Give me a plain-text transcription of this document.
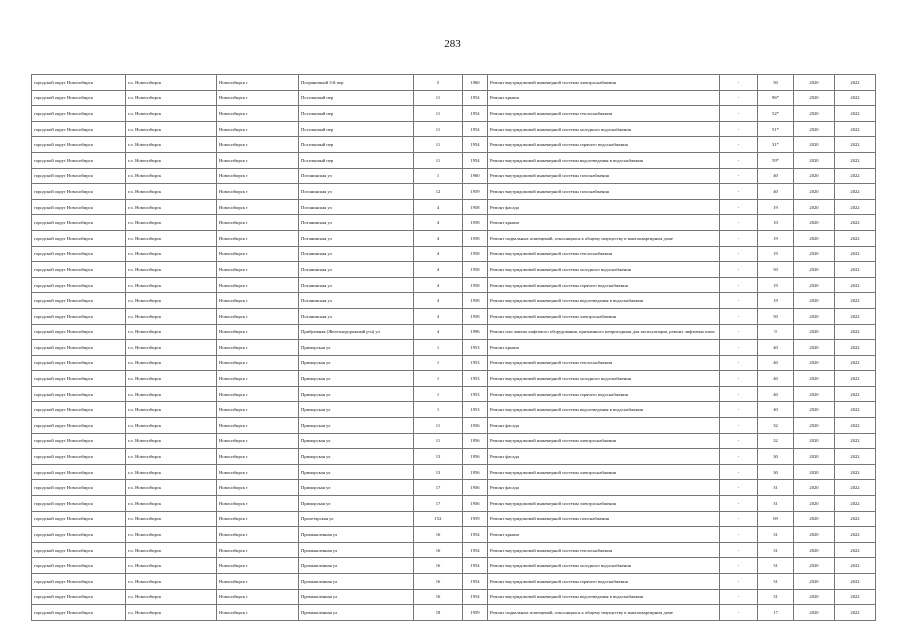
283
городской округ Новосибирск	г.о. Новосибирск	Новосибирск г	Пограничный 3-й пер	5	1960	Ремонт внутридомовой инженерной системы электроснабжения	-	50	2020	2022
городской округ Новосибирск	г.о. Новосибирск	Новосибирск г	Поселковый пер	11	1954	Ремонт крыши	-	96*	2020	2022
городской округ Новосибирск	г.о. Новосибирск	Новосибирск г	Поселковый пер	11	1954	Ремонт внутридомовой инженерной системы теплоснабжения	-	52*	2020	2022
городской округ Новосибирск	г.о. Новосибирск	Новосибирск г	Поселковый пер	11	1954	Ремонт внутридомовой инженерной системы холодного водоснабжения	-	51*	2020	2022
городской округ Новосибирск	г.о. Новосибирск	Новосибирск г	Поселковый пер	11	1954	Ремонт внутридомовой инженерной системы горячего водоснабжения	-	31*	2020	2022
городской округ Новосибирск	г.о. Новосибирск	Новосибирск г	Поселковый пер	11	1954	Ремонт внутридомовой инженерной системы водоотведения в водоснабжения	-	59*	2020	2022
городской округ Новосибирск	г.о. Новосибирск	Новосибирск г	Потанинская ул	1	1960	Ремонт внутридомовой инженерной системы газоснабжения	-	40	2020	2022
городской округ Новосибирск	г.о. Новосибирск	Новосибирск г	Потанинская ул	12	1959	Ремонт внутридомовой инженерной системы газоснабжения	-	40	2020	2022
городской округ Новосибирск	г.о. Новосибирск	Новосибирск г	Потанинская ул	4	1958	Ремонт фасада	-	19	2020	2022
городской округ Новосибирск	г.о. Новосибирск	Новосибирск г	Потанинская ул	4	1958	Ремонт крыши	-	10	2020	2022
городской округ Новосибирск	г.о. Новосибирск	Новосибирск г	Потанинская ул	4	1958	Ремонт подвальных помещений, относящихся к общему имуществу в многоквартирном доме	-	19	2020	2022
городской округ Новосибирск	г.о. Новосибирск	Новосибирск г	Потанинская ул	4	1958	Ремонт внутридомовой инженерной системы теплоснабжения	-	19	2020	2022
городской округ Новосибирск	г.о. Новосибирск	Новосибирск г	Потанинская ул	4	1958	Ремонт внутридомовой инженерной системы холодного водоснабжения	-	50	2020	2022
городской округ Новосибирск	г.о. Новосибирск	Новосибирск г	Потанинская ул	4	1958	Ремонт внутридомовой инженерной системы горячего водоснабжения	-	19	2020	2022
городской округ Новосибирск	г.о. Новосибирск	Новосибирск г	Потанинская ул	4	1958	Ремонт внутридомовой инженерной системы водоотведения в водоснабжения	-	19	2020	2022
городской округ Новосибирск	г.о. Новосибирск	Новосибирск г	Потанинская ул	4	1958	Ремонт внутридомовой инженерной системы электроснабжения	-	50	2020	2022
городской округ Новосибирск	г.о. Новосибирск	Новосибирск г	Прибрежная (Железнодорожный р-н) ул	4	1996	Ремонт или замена лифтового оборудования, признанного непригодным для эксплуатации, ремонт лифтовых шахт	-	9	2020	2022
городской округ Новосибирск	г.о. Новосибирск	Новосибирск г	Приморская ул	1	1953	Ремонт крыши	-	40	2020	2022
городской округ Новосибирск	г.о. Новосибирск	Новосибирск г	Приморская ул	1	1953	Ремонт внутридомовой инженерной системы теплоснабжения	-	40	2020	2022
городской округ Новосибирск	г.о. Новосибирск	Новосибирск г	Приморская ул	1	1953	Ремонт внутридомовой инженерной системы холодного водоснабжения	-	40	2020	2022
городской округ Новосибирск	г.о. Новосибирск	Новосибирск г	Приморская ул	1	1953	Ремонт внутридомовой инженерной системы горячего водоснабжения	-	40	2020	2022
городской округ Новосибирск	г.о. Новосибирск	Новосибирск г	Приморская ул	1	1953	Ремонт внутридомовой инженерной системы водоотведения в водоснабжения	-	40	2020	2022
городской округ Новосибирск	г.о. Новосибирск	Новосибирск г	Приморская ул	11	1956	Ремонт фасада	-	32	2020	2022
городской округ Новосибирск	г.о. Новосибирск	Новосибирск г	Приморская ул	11	1956	Ремонт внутридомовой инженерной системы электроснабжения	-	32	2020	2022
городской округ Новосибирск	г.о. Новосибирск	Новосибирск г	Приморская ул	13	1956	Ремонт фасада	-	30	2020	2022
городской округ Новосибирск	г.о. Новосибирск	Новосибирск г	Приморская ул	13	1956	Ремонт внутридомовой инженерной системы электроснабжения	-	30	2020	2022
городской округ Новосибирск	г.о. Новосибирск	Новосибирск г	Приморская ул	17	1956	Ремонт фасада	-	31	2020	2022
городской округ Новосибирск	г.о. Новосибирск	Новосибирск г	Приморская ул	17	1956	Ремонт внутридомовой инженерной системы электроснабжения	-	31	2020	2022
городской округ Новосибирск	г.о. Новосибирск	Новосибирск г	Пролетарская ул	152	1959	Ремонт внутридомовой инженерной системы газоснабжения	-	69	2020	2022
городской округ Новосибирск	г.о. Новосибирск	Новосибирск г	Промышленная ул	16	1954	Ремонт крыши	-	31	2020	2022
городской округ Новосибирск	г.о. Новосибирск	Новосибирск г	Промышленная ул	16	1954	Ремонт внутридомовой инженерной системы теплоснабжения	-	31	2020	2022
городской округ Новосибирск	г.о. Новосибирск	Новосибирск г	Промышленная ул	16	1954	Ремонт внутридомовой инженерной системы холодного водоснабжения	-	31	2020	2022
городской округ Новосибирск	г.о. Новосибирск	Новосибирск г	Промышленная ул	16	1954	Ремонт внутридомовой инженерной системы горячего водоснабжения	-	31	2020	2022
городской округ Новосибирск	г.о. Новосибирск	Новосибирск г	Промышленная ул	16	1954	Ремонт внутридомовой инженерной системы водоотведения в водоснабжения	-	31	2020	2022
городской округ Новосибирск	г.о. Новосибирск	Новосибирск г	Промышленная ул	18	1959	Ремонт подвальных помещений, относящихся к общему имуществу в многоквартирном доме	-	17	2020	2022
